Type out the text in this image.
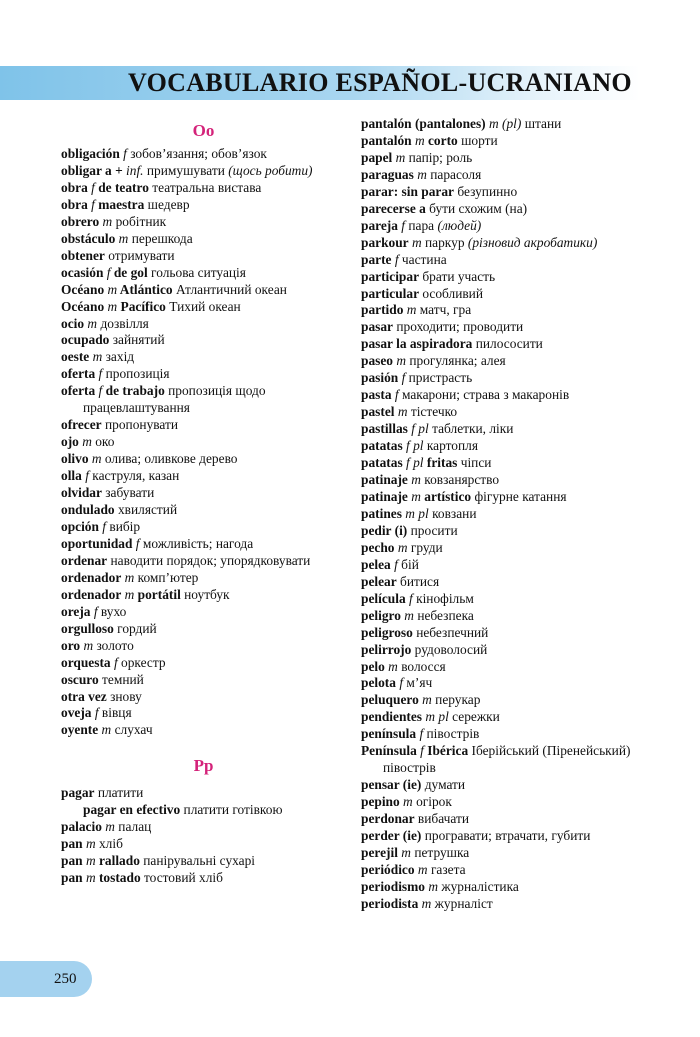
VOCABULARIO ESPAÑOL-UCRANIANO
Oo
obligación f зобов’язання; обов’язок
obligar a + inf. примушувати (щось робити)
obra f de teatro театральна вистава
obra f maestra шедевр
obrero m робітник
obstáculo m перешкода
obtener отримувати
ocasión f de gol гольова ситуація
Océano m Atlántico Атлантичний океан
Océano m Pacífico Тихий океан
ocio m дозвілля
ocupado зайнятий
oeste m захід
oferta f пропозиція
oferta f de trabajo пропозиція щодо працевлаштування
ofrecer пропонувати
ojo m око
olivo m олива; оливкове дерево
olla f каструля, казан
olvidar забувати
ondulado хвилястий
opción f вибір
oportunidad f можливість; нагода
ordenar наводити порядок; упорядковувати
ordenador m комп’ютер
ordenador m portátil ноутбук
oreja f вухо
orgulloso гордий
oro m золото
orquesta f оркестр
oscuro темний
otra vez знову
oveja f вівця
oyente m слухач
Pp
pagar платити
pagar en efectivo платити готівкою
palacio m палац
pan m хліб
pan m rallado панірувальні сухарі
pan m tostado тостовий хліб
pantalón (pantalones) m (pl) штани
pantalón m corto шорти
papel m папір; роль
paraguas m парасоля
parar: sin parar безупинно
parecerse a бути схожим (на)
pareja f пара (людей)
parkour m паркур (різновид акробатики)
parte f частина
participar брати участь
particular особливий
partido m матч, гра
pasar проходити; проводити
pasar la aspiradora пилососити
paseo m прогулянка; алея
pasión f пристрасть
pasta f макарони; страва з макаронів
pastel m тістечко
pastillas f pl таблетки, ліки
patatas f pl картопля
patatas f pl fritas чіпси
patinaje m ковзанярство
patinaje m artístico фігурне катання
patines m pl ковзани
pedir (i) просити
pecho m груди
pelea f бій
pelear битися
película f кінофільм
peligro m небезпека
peligroso небезпечний
pelirrojo рудоволосий
pelo m волосся
pelota f м’яч
peluquero m перукар
pendientes m pl сережки
península f півострів
Península f Ibérica Іберійський (Піренейський) півострів
pensar (ie) думати
pepino m огірок
perdonar вибачати
perder (ie) програвати; втрачати, губити
perejil m петрушка
periódico m газета
periodismo m журналістика
periodista m журналіст
250
